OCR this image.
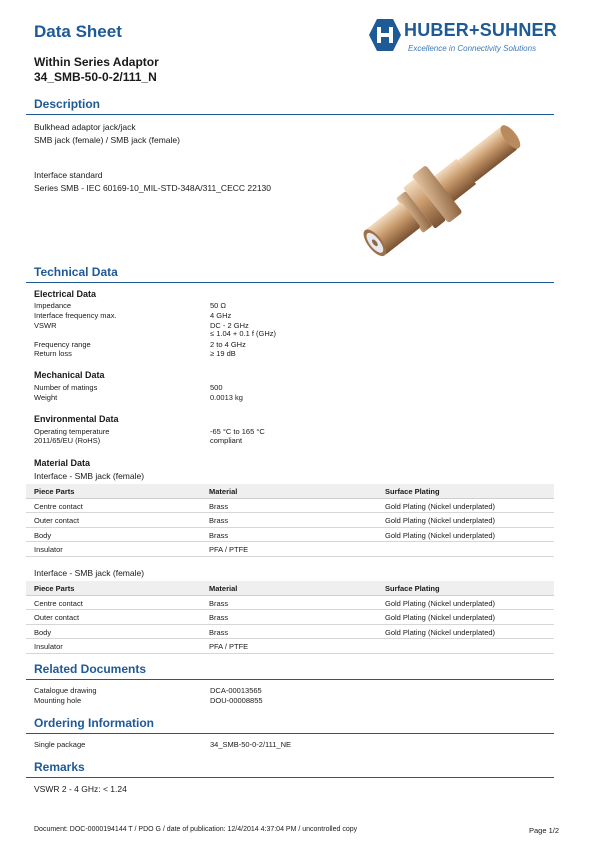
Data Sheet
Within Series Adaptor
34_SMB-50-0-2/111_N
HUBER+SUHNER
Excellence in Connectivity Solutions
Description
Bulkhead adaptor jack/jack
SMB jack (female) / SMB jack (female)
Interface standard
Series SMB - IEC 60169-10_MIL-STD-348A/311_CECC 22130
Technical Data
Electrical Data
Impedance	50 Ω
Interface frequency max.	4 GHz
VSWR	DC - 2 GHz
≤ 1.04 + 0.1 f (GHz)
Frequency range	2 to 4 GHz
Return loss	≥ 19 dB
Mechanical Data
Number of matings	500
Weight	0.0013 kg
Environmental Data
Operating temperature	-65 °C to 165 °C
2011/65/EU (RoHS)	compliant
Material Data
Interface - SMB jack (female)
Piece Parts	Material	Surface Plating
Centre contact	Brass	Gold Plating (Nickel underplated)
Outer contact	Brass	Gold Plating (Nickel underplated)
Body	Brass	Gold Plating (Nickel underplated)
Insulator	PFA / PTFE
Interface - SMB jack (female)
Piece Parts	Material	Surface Plating
Centre contact	Brass	Gold Plating (Nickel underplated)
Outer contact	Brass	Gold Plating (Nickel underplated)
Body	Brass	Gold Plating (Nickel underplated)
Insulator	PFA / PTFE
Related Documents
Catalogue drawing	DCA-00013565
Mounting hole	DOU-00008855
Ordering Information
Single package	34_SMB-50-0-2/111_NE
Remarks
VSWR 2 - 4 GHz: < 1.24
Document: DOC-0000194144 T / PDO G / date of publication: 12/4/2014 4:37:04 PM / uncontrolled copy	Page 1/2
